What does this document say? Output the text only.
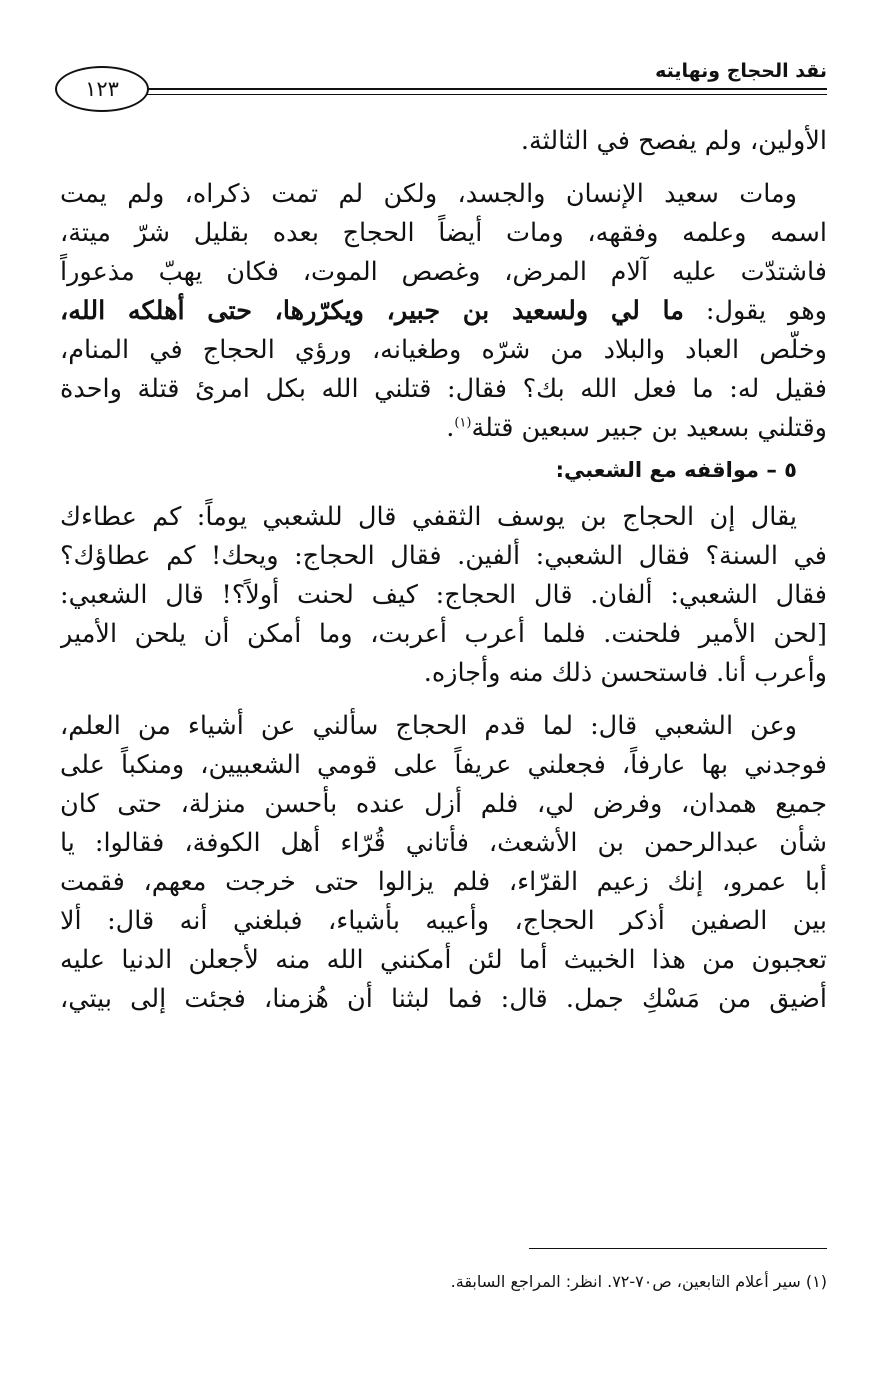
نقد الحجاج ونهايته
١٢٣
الأولين، ولم يفصح في الثالثة.
ومات سعيد الإنسان والجسد، ولكن لم تمت ذكراه، ولم يمت
اسمه وعلمه وفقهه، ومات أيضاً الحجاج بعده بقليل شرّ ميتة،
فاشتدّت عليه آلام المرض، وغصص الموت، فكان يهبّ مذعوراً
وهو يقول: ما لي ولسعيد بن جبير، ويكرّرها، حتى أهلكه الله،
وخلّص العباد والبلاد من شرّه وطغيانه، ورؤي الحجاج في المنام،
فقيل له: ما فعل الله بك؟ فقال: قتلني الله بكل امرئ قتلة واحدة
وقتلني بسعيد بن جبير سبعين قتلة$^{(١)}$.
٥ – مواقفه مع الشعبي:
يقال إن الحجاج بن يوسف الثقفي قال للشعبي يوماً: كم عطاءك
في السنة؟ فقال الشعبي: ألفين. فقال الحجاج: ويحك! كم عطاؤك؟
فقال الشعبي: ألفان. قال الحجاج: كيف لحنت أولاً؟! قال الشعبي:
[لحن الأمير فلحنت. فلما أعرب أعربت، وما أمكن أن يلحن الأمير
وأعرب أنا. فاستحسن ذلك منه وأجازه.
وعن الشعبي قال: لما قدم الحجاج سألني عن أشياء من العلم،
فوجدني بها عارفاً، فجعلني عريفاً على قومي الشعبيين، ومنكباً على
جميع همدان، وفرض لي، فلم أزل عنده بأحسن منزلة، حتى كان
شأن عبدالرحمن بن الأشعث، فأتاني قُرّاء أهل الكوفة، فقالوا: يا
أبا عمرو، إنك زعيم القرّاء، فلم يزالوا حتى خرجت معهم، فقمت
بين الصفين أذكر الحجاج، وأعيبه بأشياء، فبلغني أنه قال: ألا
تعجبون من هذا الخبيث أما لئن أمكنني الله منه لأجعلن الدنيا عليه
أضيق من مَسْكِ جمل. قال: فما لبثنا أن هُزمنا، فجئت إلى بيتي،
(١) سير أعلام التابعين، ص٧٠-٧٢. انظر: المراجع السابقة.
